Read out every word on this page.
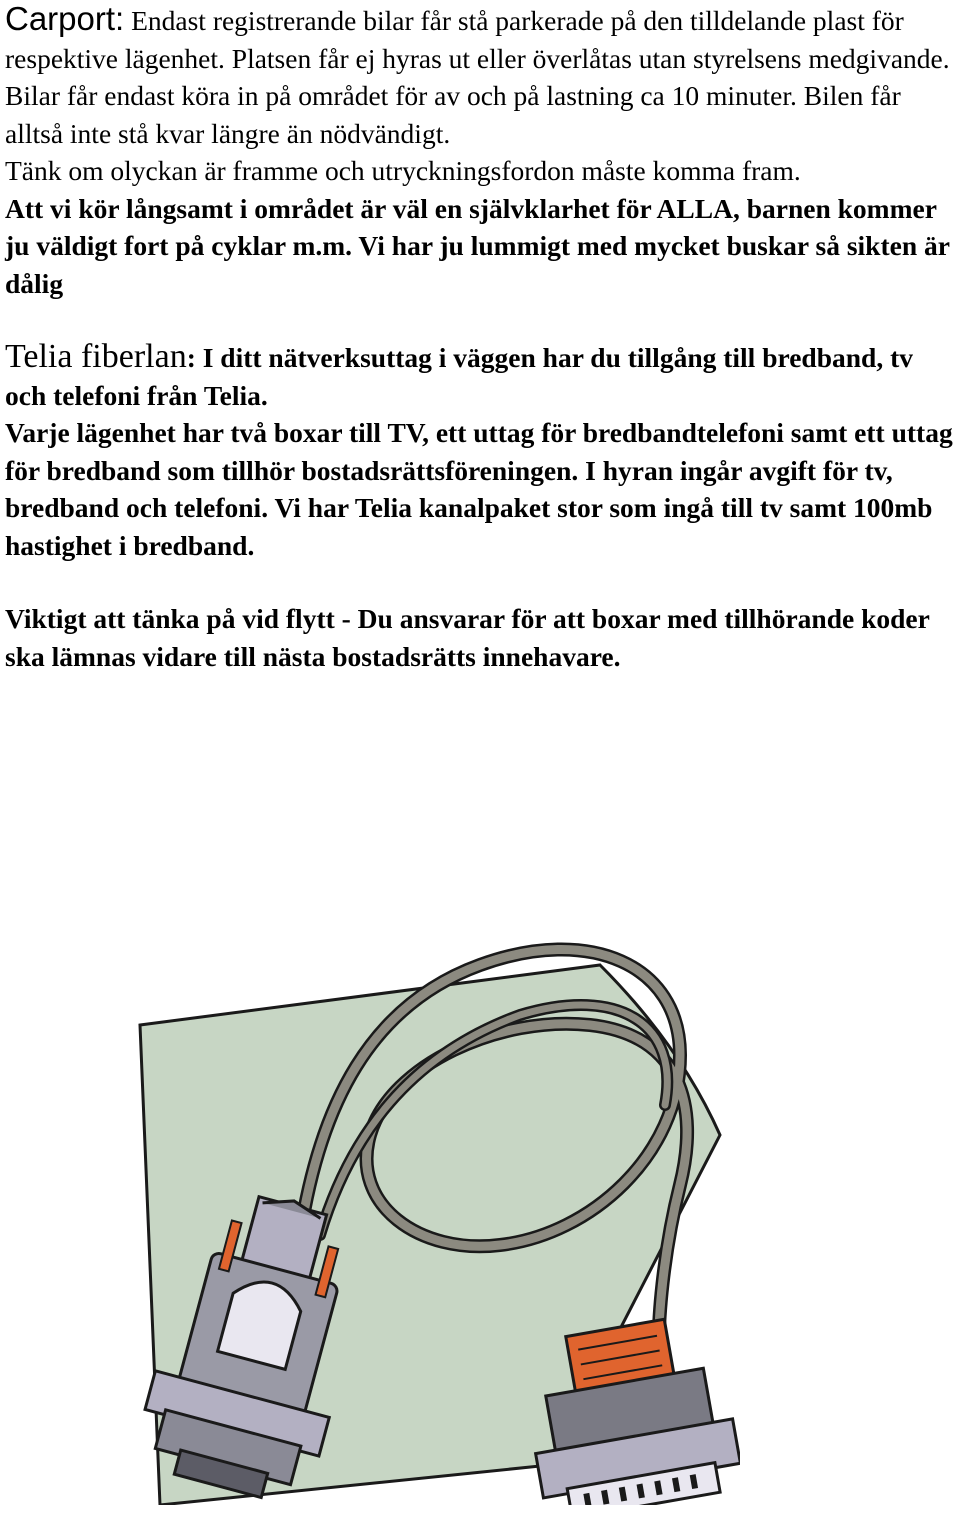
Carport: Endast registrerande bilar får stå parkerade på den tilldelande plast för respektive lägenhet. Platsen får ej hyras ut eller överlåtas utan styrelsens medgivande.

Bilar får endast köra in på området för av och på lastning ca 10 minuter. Bilen får alltså inte stå kvar längre än nödvändigt.

Tänk om olyckan är framme och utryckningsfordon måste komma fram.

Att vi kör långsamt i området är väl en självklarhet för ALLA, barnen kommer ju väldigt fort på cyklar m.m. Vi har ju lummigt med mycket buskar så sikten är dålig

Telia fiberlan: I ditt nätverksuttag i väggen har du tillgång till bredband, tv och telefoni från Telia.

Varje lägenhet har två boxar till TV, ett uttag för bredbandtelefoni samt ett uttag för bredband som tillhör bostadsrättsföreningen. I hyran ingår avgift för tv, bredband och telefoni. Vi har Telia kanalpaket stor som ingå till tv samt 100mb hastighet i bredband.

Viktigt att tänka på vid flytt - Du ansvarar för att boxar med tillhörande koder ska lämnas vidare till nästa bostadsrätts innehavare.
